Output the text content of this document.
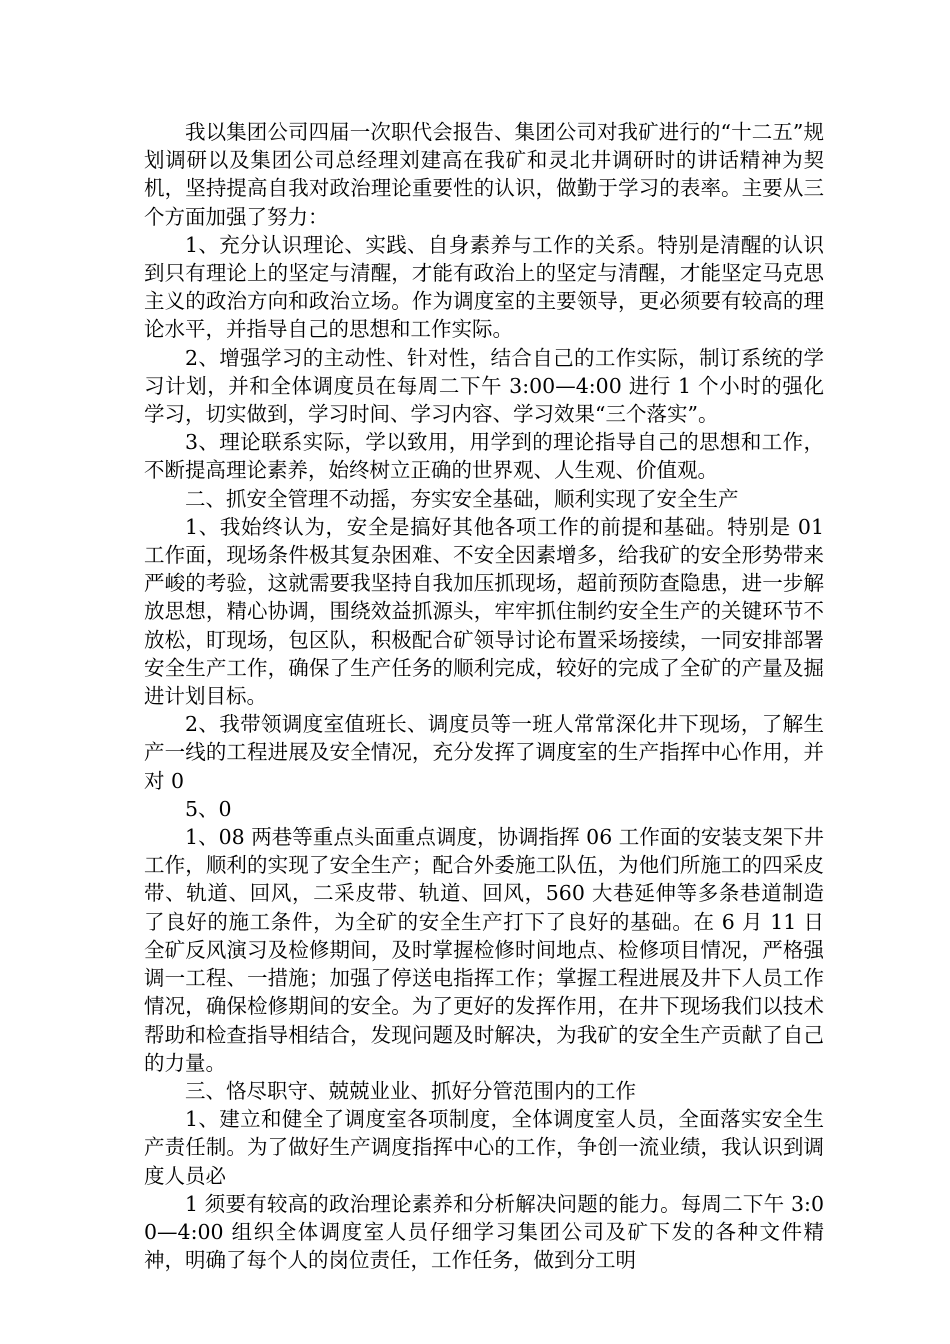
我以集团公司四届一次职代会报告、集团公司对我矿进行的“十二五”规划调研以及集团公司总经理刘建高在我矿和灵北井调研时的讲话精神为契机，坚持提高自我对政治理论重要性的认识，做勤于学习的表率。主要从三个方面加强了努力：

1、充分认识理论、实践、自身素养与工作的关系。特别是清醒的认识到只有理论上的坚定与清醒，才能有政治上的坚定与清醒，才能坚定马克思主义的政治方向和政治立场。作为调度室的主要领导，更必须要有较高的理论水平，并指导自己的思想和工作实际。

2、增强学习的主动性、针对性，结合自己的工作实际，制订系统的学习计划，并和全体调度员在每周二下午 3:00—4:00 进行 1 个小时的强化学习，切实做到，学习时间、学习内容、学习效果“三个落实”。

3、理论联系实际，学以致用，用学到的理论指导自己的思想和工作，不断提高理论素养，始终树立正确的世界观、人生观、价值观。

二、抓安全管理不动摇，夯实安全基础，顺利实现了安全生产

1、我始终认为，安全是搞好其他各项工作的前提和基础。特别是 01 工作面，现场条件极其复杂困难、不安全因素增多，给我矿的安全形势带来严峻的考验，这就需要我坚持自我加压抓现场，超前预防查隐患，进一步解放思想，精心协调，围绕效益抓源头，牢牢抓住制约安全生产的关键环节不放松，盯现场，包区队，积极配合矿领导讨论布置采场接续，一同安排部署安全生产工作，确保了生产任务的顺利完成，较好的完成了全矿的产量及掘进计划目标。

2、我带领调度室值班长、调度员等一班人常常深化井下现场，了解生产一线的工程进展及安全情况，充分发挥了调度室的生产指挥中心作用，并对 0

5、0

1、08 两巷等重点头面重点调度，协调指挥 06 工作面的安装支架下井工作，顺利的实现了安全生产；配合外委施工队伍，为他们所施工的四采皮带、轨道、回风，二采皮带、轨道、回风，560 大巷延伸等多条巷道制造了良好的施工条件，为全矿的安全生产打下了良好的基础。在 6 月 11 日全矿反风演习及检修期间，及时掌握检修时间地点、检修项目情况，严格强调一工程、一措施；加强了停送电指挥工作；掌握工程进展及井下人员工作情况，确保检修期间的安全。为了更好的发挥作用，在井下现场我们以技术帮助和检查指导相结合，发现问题及时解决，为我矿的安全生产贡献了自己的力量。

三、恪尽职守、兢兢业业、抓好分管范围内的工作

1、建立和健全了调度室各项制度，全体调度室人员，全面落实安全生产责任制。为了做好生产调度指挥中心的工作，争创一流业绩，我认识到调度人员必

1 须要有较高的政治理论素养和分析解决问题的能力。每周二下午 3:00—4:00 组织全体调度室人员仔细学习集团公司及矿下发的各种文件精神，明确了每个人的岗位责任，工作任务，做到分工明
